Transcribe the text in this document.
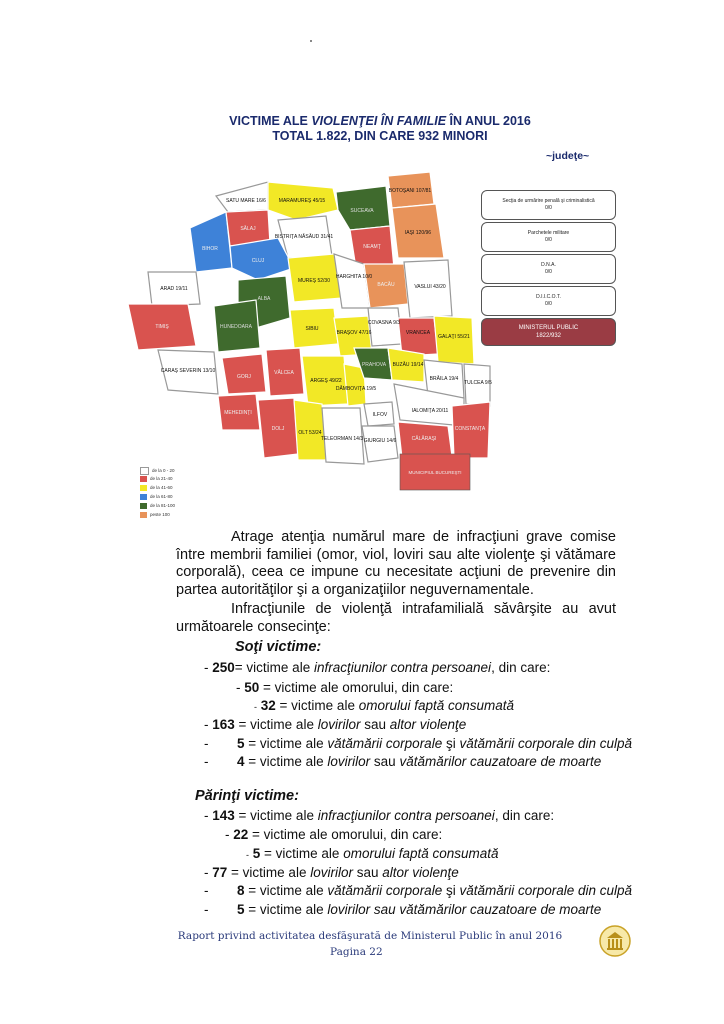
VICTIME ALE VIOLENŢEI ÎN FAMILIE ÎN ANUL 2016
TOTAL 1.822, DIN CARE 932 MINORI
~judeţe~
SATU MARE 16/6	MARAMUREŞ 45/15
SUCEAVA
BOTOŞANI 107/81
SĂLAJ
BISTRIŢA NĂSĂUD 31/41
NEAMŢ
IAŞI 120/96
BIHOR
CLUJ
MUREŞ 52/30
HARGHITA 10/0
BACĂU	VASLUI 43/20
ARAD 19/11
ALBA
HUNEDOARA	SIBIU
BRAŞOV 47/16
COVASNA 9/3
VRANCEA
GALAŢI 55/21
TIMIŞ
CARAŞ SEVERIN 13/10
GORJ
VÂLCEA
ARGEŞ 49/22
DÂMBOVIŢA 19/5
PRAHOVA BUZĂU 19/14
BRĂILA 19/4
TULCEA 9/5
IALOMIŢA 20/11
MEHEDINŢI
DOLJ
OLT 53/24
TELEORMAN 14/3
ILFOV
GIURGIU 14/6	CĂLĂRAŞI
CONSTANŢA
MUNICIPIUL BUCUREŞTI
Secţia de urmărire penală şi criminalistică
0/0
Parchetele militare
0/0
D.N.A.
0/0
D.I.I.C.O.T.
0/0
MINISTERUL PUBLIC
1822/932
de la 0 - 20
de la 21-40
de la 41-60
de la 61-80
de la 81-100
peste 100
Atrage atenţia numărul mare de infracţiuni grave comise între membrii familiei (omor, viol, loviri sau alte violenţe şi vătămare corporală), ceea ce impune cu necesitate acţiuni de prevenire din partea autorităţilor şi a organizaţiilor neguvernamentale.
Infracţiunile de violenţă intrafamilială săvârşite au avut următoarele consecinţe:
Soţi victime:
- 250= victime ale infracţiunilor contra persoanei, din care:
- 50 = victime ale omorului, din care:
- 32 = victime ale omorului faptă consumată
- 163 = victime ale lovirilor sau altor violenţe
- 5 = victime ale vătămării corporale şi vătămării corporale din culpă
- 4 = victime ale lovirilor sau vătămărilor cauzatoare de moarte
Părinţi victime:
- 143 = victime ale infracţiunilor contra persoanei, din care:
- 22 = victime ale omorului, din care:
- 5 = victime ale omorului faptă consumată
- 77 = victime ale lovirilor sau altor violenţe
- 8 = victime ale vătămării corporale şi vătămării corporale din culpă
- 5 = victime ale lovirilor sau vătămărilor cauzatoare de moarte
Raport privind activitatea desfăşurată de Ministerul Public în anul 2016
Pagina 22
